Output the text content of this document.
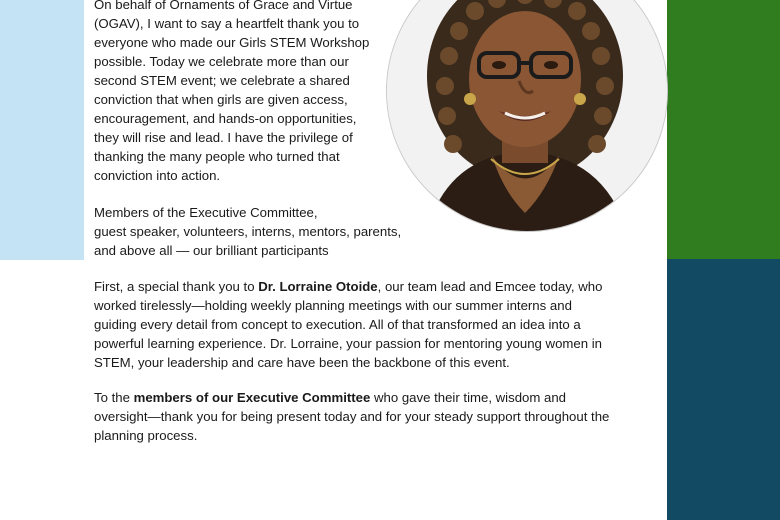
On behalf of Ornaments of Grace and Virtue
(OGAV), I want to say a heartfelt thank you to
everyone who made our Girls STEM Workshop
possible. Today we celebrate more than our
second STEM event; we celebrate a shared
conviction that when girls are given access,
encouragement, and hands-on opportunities,
they will rise and lead. I have the privilege of
thanking the many people who turned that
conviction into action.

Members of the Executive Committee,
guest speaker, volunteers, interns, mentors, parents,
and above all — our brilliant participants

First, a special thank you to Dr. Lorraine Otoide, our team lead and Emcee today, who
worked tirelessly—holding weekly planning meetings with our summer interns and
guiding every detail from concept to execution. All of that transformed an idea into a
powerful learning experience. Dr. Lorraine, your passion for mentoring young women in
STEM, your leadership and care have been the backbone of this event.

To the members of our Executive Committee who gave their time, wisdom and
oversight—thank you for being present today and for your steady support throughout the
planning process.
